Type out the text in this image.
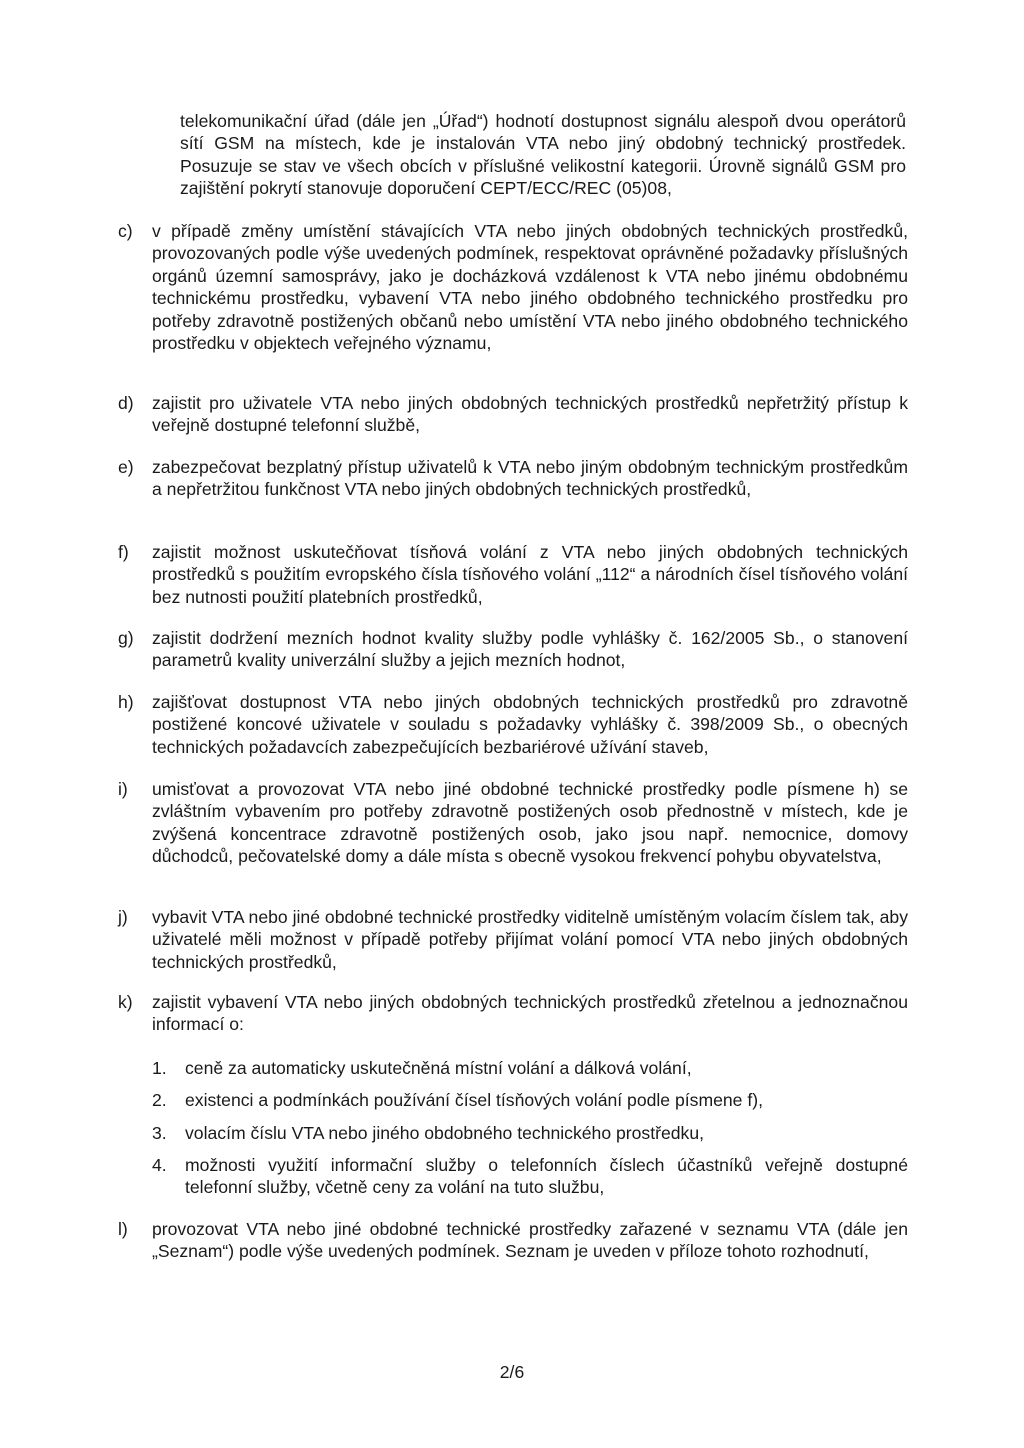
telekomunikační úřad (dále jen „Úřad“) hodnotí dostupnost signálu alespoň dvou operátorů sítí GSM na místech, kde je instalován VTA nebo jiný obdobný technický prostředek. Posuzuje se stav ve všech obcích v příslušné velikostní kategorii. Úrovně signálů GSM pro zajištění pokrytí stanovuje doporučení CEPT/ECC/REC (05)08,

c)	v případě změny umístění stávajících VTA nebo jiných obdobných technických prostředků, provozovaných podle výše uvedených podmínek, respektovat oprávněné požadavky příslušných orgánů územní samosprávy, jako je docházková vzdálenost k VTA nebo jinému obdobnému technickému prostředku, vybavení VTA nebo jiného obdobného technického prostředku pro potřeby zdravotně postižených občanů nebo umístění VTA nebo jiného obdobného technického prostředku v objektech veřejného významu,
d)	zajistit pro uživatele VTA nebo jiných obdobných technických prostředků nepřetržitý přístup k veřejně dostupné telefonní službě,
e)	zabezpečovat bezplatný přístup uživatelů k VTA nebo jiným obdobným technickým prostředkům a nepřetržitou funkčnost VTA nebo jiných obdobných technických prostředků,
f)	zajistit možnost uskutečňovat tísňová volání z VTA nebo jiných obdobných technických prostředků s použitím evropského čísla tísňového volání „112“ a národních čísel tísňového volání bez nutnosti použití platebních prostředků,
g)	zajistit dodržení mezních hodnot kvality služby podle vyhlášky č. 162/2005 Sb., o stanovení parametrů kvality univerzální služby a jejich mezních hodnot,
h)	zajišťovat dostupnost VTA nebo jiných obdobných technických prostředků pro zdravotně postižené koncové uživatele v souladu s požadavky vyhlášky č. 398/2009 Sb., o obecných technických požadavcích zabezpečujících bezbariérové užívání staveb,
i)	umisťovat a provozovat VTA nebo jiné obdobné technické prostředky podle písmene h) se zvláštním vybavením pro potřeby zdravotně postižených osob přednostně v místech, kde je zvýšená koncentrace zdravotně postižených osob, jako jsou např. nemocnice, domovy důchodců, pečovatelské domy a dále místa s obecně vysokou frekvencí pohybu obyvatelstva,
j)	vybavit VTA nebo jiné obdobné technické prostředky viditelně umístěným volacím číslem tak, aby uživatelé měli možnost v případě potřeby přijímat volání pomocí VTA nebo jiných obdobných technických prostředků,
k)	zajistit vybavení VTA nebo jiných obdobných technických prostředků zřetelnou a jednoznačnou informací o:
1.	ceně za automaticky uskutečněná místní volání a dálková volání,
2.	existenci a podmínkách používání čísel tísňových volání podle písmene f),
3.	volacím číslu VTA nebo jiného obdobného technického prostředku,
4.	možnosti využití informační služby o telefonních číslech účastníků veřejně dostupné telefonní služby, včetně ceny za volání na tuto službu,
l)	provozovat VTA nebo jiné obdobné technické prostředky zařazené v seznamu VTA (dále jen „Seznam“) podle výše uvedených podmínek. Seznam je uveden v příloze tohoto rozhodnutí,
2/6
